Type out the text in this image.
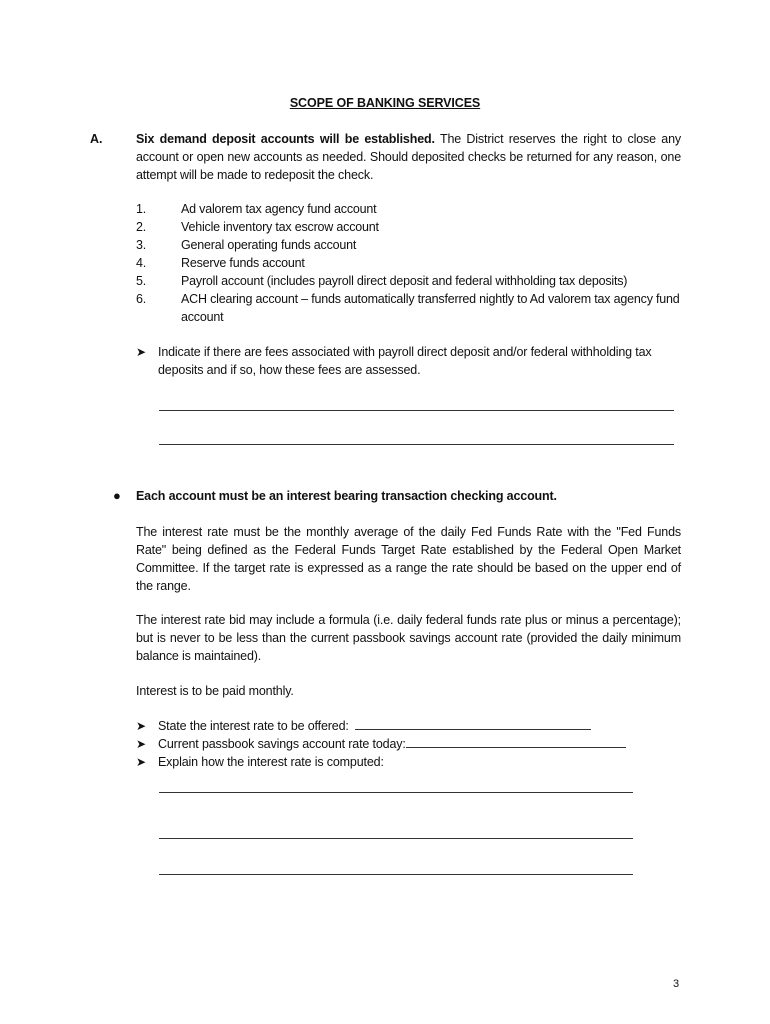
SCOPE OF BANKING SERVICES
A.	Six demand deposit accounts will be established. The District reserves the right to close any account or open new accounts as needed. Should deposited checks be returned for any reason, one attempt will be made to redeposit the check.
1.	Ad valorem tax agency fund account
2.	Vehicle inventory tax escrow account
3.	General operating funds account
4.	Reserve funds account
5.	Payroll account (includes payroll direct deposit and federal withholding tax deposits)
6.	ACH clearing account – funds automatically transferred nightly to Ad valorem tax agency fund account
➤ Indicate if there are fees associated with payroll direct deposit and/or federal withholding tax deposits and if so, how these fees are assessed.
● Each account must be an interest bearing transaction checking account.
The interest rate must be the monthly average of the daily Fed Funds Rate with the "Fed Funds Rate" being defined as the Federal Funds Target Rate established by the Federal Open Market Committee. If the target rate is expressed as a range the rate should be based on the upper end of the range.
The interest rate bid may include a formula (i.e. daily federal funds rate plus or minus a percentage); but is never to be less than the current passbook savings account rate (provided the daily minimum balance is maintained).
Interest is to be paid monthly.
➤ State the interest rate to be offered:
➤ Current passbook savings account rate today:
➤ Explain how the interest rate is computed:
3
